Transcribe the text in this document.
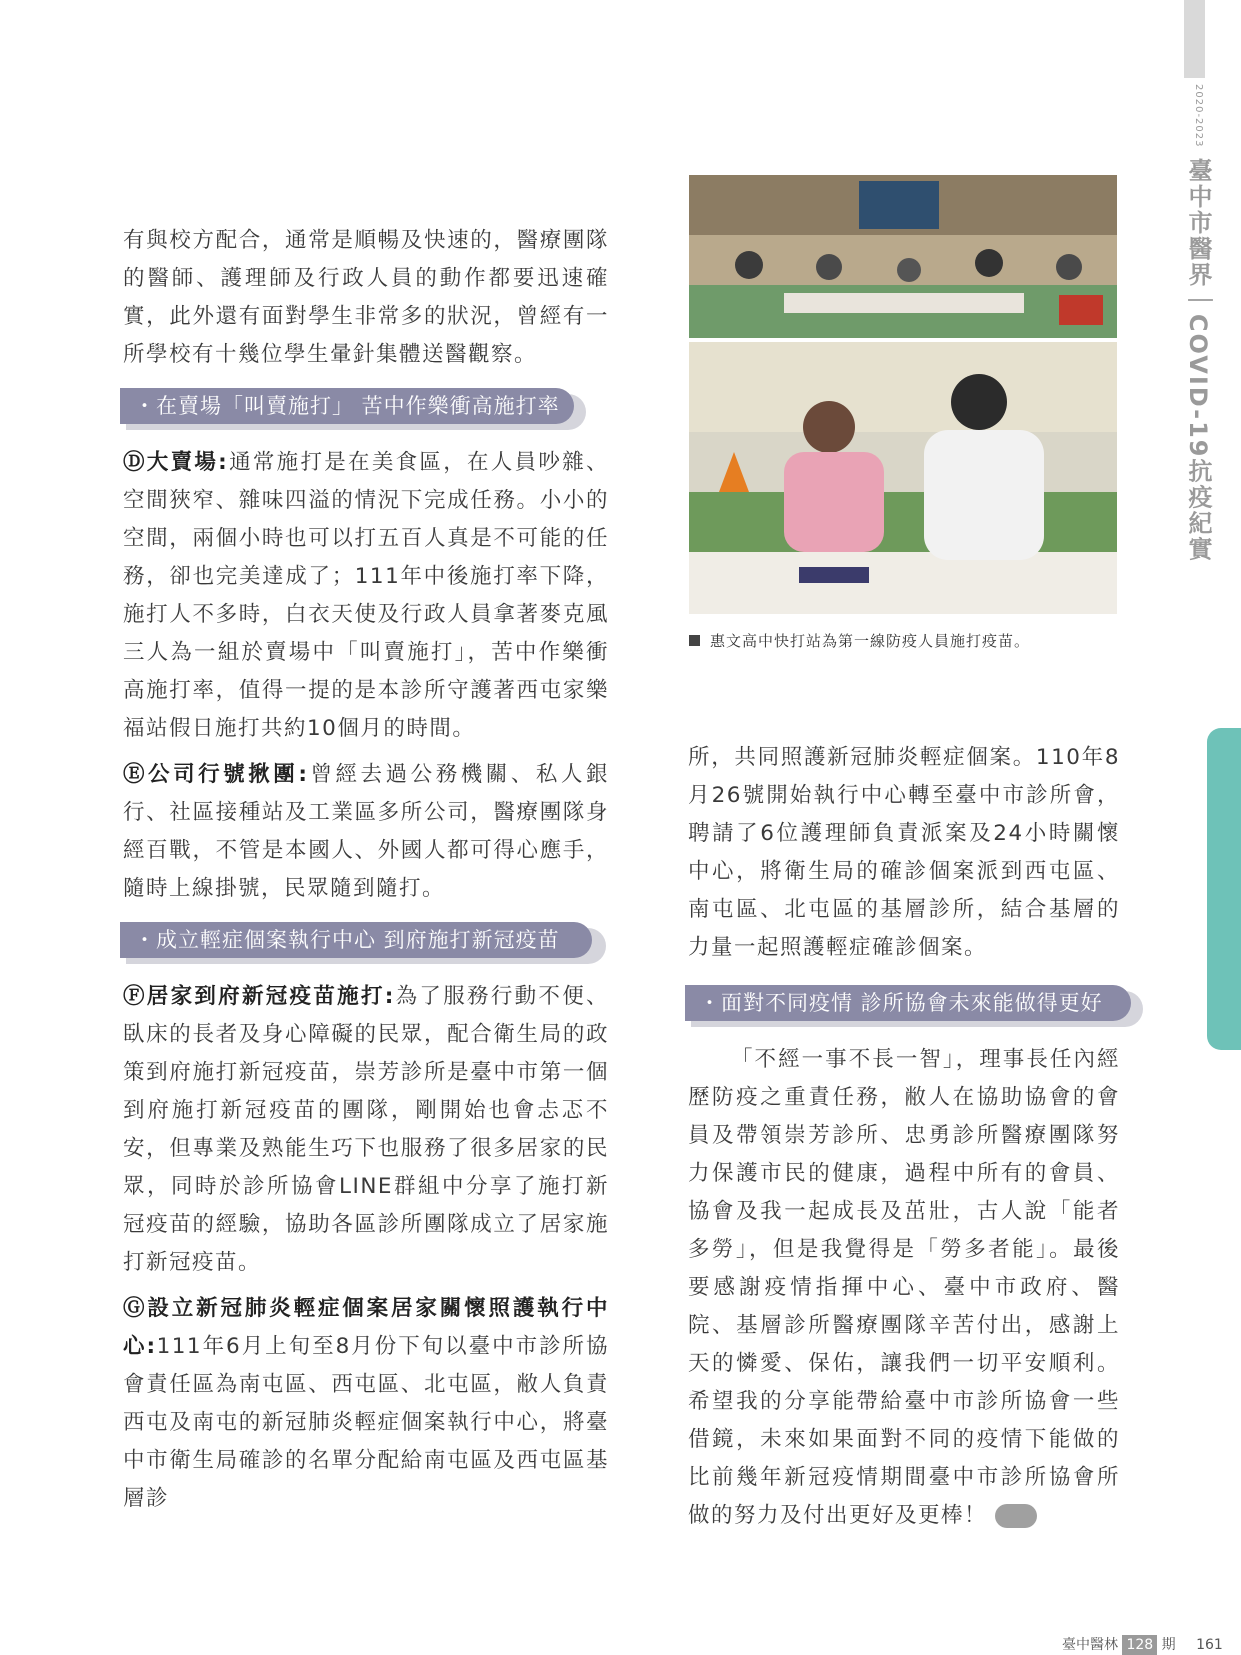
2020-2023 臺中市醫界｜COVID-19抗疫紀實

有與校方配合，通常是順暢及快速的，醫療團隊的醫師、護理師及行政人員的動作都要迅速確實，此外還有面對學生非常多的狀況，曾經有一所學校有十幾位學生暈針集體送醫觀察。

・在賣場「叫賣施打」 苦中作樂衝高施打率

Ⓓ大賣場:通常施打是在美食區，在人員吵雜、空間狹窄、雜味四溢的情況下完成任務。小小的空間，兩個小時也可以打五百人真是不可能的任務，卻也完美達成了；111年中後施打率下降，施打人不多時，白衣天使及行政人員拿著麥克風三人為一組於賣場中「叫賣施打」，苦中作樂衝高施打率，值得一提的是本診所守護著西屯家樂福站假日施打共約10個月的時間。

Ⓔ公司行號揪團:曾經去過公務機關、私人銀行、社區接種站及工業區多所公司，醫療團隊身經百戰，不管是本國人、外國人都可得心應手，隨時上線掛號，民眾隨到隨打。

・成立輕症個案執行中心 到府施打新冠疫苗

Ⓕ居家到府新冠疫苗施打:為了服務行動不便、臥床的長者及身心障礙的民眾，配合衛生局的政策到府施打新冠疫苗，崇芳診所是臺中市第一個到府施打新冠疫苗的團隊，剛開始也會忐忑不安，但專業及熟能生巧下也服務了很多居家的民眾，同時於診所協會LINE群組中分享了施打新冠疫苗的經驗，協助各區診所團隊成立了居家施打新冠疫苗。

Ⓖ設立新冠肺炎輕症個案居家關懷照護執行中心:111年6月上旬至8月份下旬以臺中市診所協會責任區為南屯區、西屯區、北屯區，敝人負責西屯及南屯的新冠肺炎輕症個案執行中心，將臺中市衛生局確診的名單分配給南屯區及西屯區基層診

惠文高中快打站為第一線防疫人員施打疫苗。

所，共同照護新冠肺炎輕症個案。110年8月26號開始執行中心轉至臺中市診所會，聘請了6位護理師負責派案及24小時關懷中心，將衛生局的確診個案派到西屯區、南屯區、北屯區的基層診所，結合基層的力量一起照護輕症確診個案。

・面對不同疫情 診所協會未來能做得更好

「不經一事不長一智」，理事長任內經歷防疫之重責任務，敝人在協助協會的會員及帶領崇芳診所、忠勇診所醫療團隊努力保護市民的健康，過程中所有的會員、協會及我一起成長及茁壯，古人說「能者多勞」，但是我覺得是「勞多者能」。最後要感謝疫情指揮中心、臺中市政府、醫院、基層診所醫療團隊辛苦付出，感謝上天的憐愛、保佑，讓我們一切平安順利。希望我的分享能帶給臺中市診所協會一些借鏡，未來如果面對不同的疫情下能做的比前幾年新冠疫情期間臺中市診所協會所做的努力及付出更好及更棒！	❯❯❯

臺中醫林 128 期 161
